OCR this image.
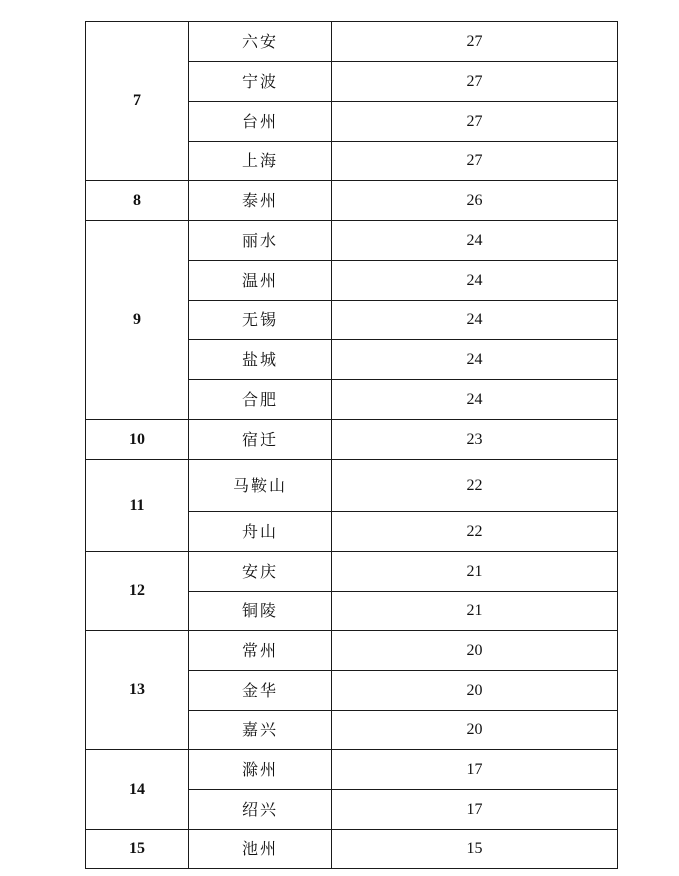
7	六安	27
	宁波	27
	台州	27
	上海	27
8	泰州	26
9	丽水	24
	温州	24
	无锡	24
	盐城	24
	合肥	24
10	宿迁	23
11	马鞍山	22
	舟山	22
12	安庆	21
	铜陵	21
13	常州	20
	金华	20
	嘉兴	20
14	滁州	17
	绍兴	17
15	池州	15
